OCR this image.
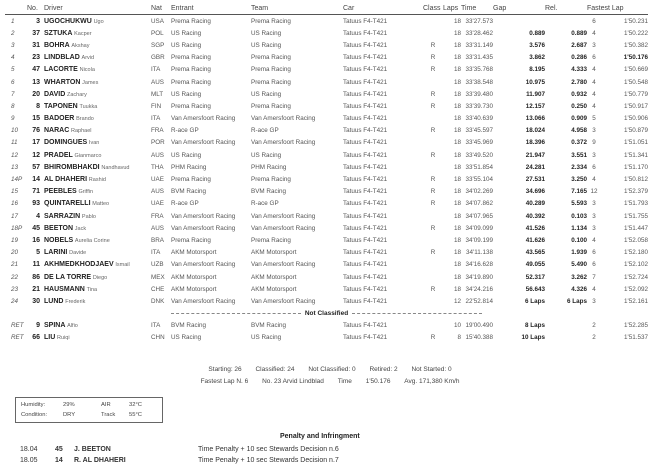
	No.	Driver	Nat	Entrant	Team	Car	Class	Laps	Time	Gap	Rel.	Fastest Lap	
1	3	UGOCHUKWU Ugo	USA	Prema Racing	Prema Racing	Tatuus F4-T421		18	33'27.573			6	1'50.231
2	37	SZTUKA Kacper	POL	US Racing	US Racing	Tatuus F4-T421		18	33'28.462	0.889	0.889	4	1'50.222
3	31	BOHRA Akshay	SGP	US Racing	US Racing	Tatuus F4-T421	R	18	33'31.149	3.576	2.687	3	1'50.382
4	23	LINDBLAD Arvid	GBR	Prema Racing	Prema Racing	Tatuus F4-T421	R	18	33'31.435	3.862	0.286	6	1'50.176
5	47	LACORTE Nicola	ITA	Prema Racing	Prema Racing	Tatuus F4-T421	R	18	33'35.768	8.195	4.333	4	1'50.669
6	13	WHARTON James	AUS	Prema Racing	Prema Racing	Tatuus F4-T421		18	33'38.548	10.975	2.780	4	1'50.548
7	20	DAVID Zachary	MLT	US Racing	US Racing	Tatuus F4-T421	R	18	33'39.480	11.907	0.932	4	1'50.779
8	8	TAPONEN Tuukka	FIN	Prema Racing	Prema Racing	Tatuus F4-T421	R	18	33'39.730	12.157	0.250	4	1'50.917
9	15	BADOER Brando	ITA	Van Amersfoort Racing	Van Amersfoort Racing	Tatuus F4-T421		18	33'40.639	13.066	0.909	5	1'50.906
10	76	NARAC Raphael	FRA	R-ace GP	R-ace GP	Tatuus F4-T421	R	18	33'45.597	18.024	4.958	3	1'50.879
11	17	DOMINGUES Ivan	POR	Van Amersfoort Racing	Van Amersfoort Racing	Tatuus F4-T421		18	33'45.969	18.396	0.372	9	1'51.051
12	12	PRADEL Gianmarco	AUS	US Racing	US Racing	Tatuus F4-T421	R	18	33'49.520	21.947	3.551	3	1'51.341
13	57	BHIROMBHAKDI Nandhavud	THA	PHM Racing	PHM Racing	Tatuus F4-T421		18	33'51.854	24.281	2.334	6	1'51.170
14P	14	AL DHAHERI Rashid	UAE	Prema Racing	Prema Racing	Tatuus F4-T421	R	18	33'55.104	27.531	3.250	4	1'50.812
15	71	PEEBLES Griffin	AUS	BVM Racing	BVM Racing	Tatuus F4-T421	R	18	34'02.269	34.696	7.165	12	1'52.379
16	93	QUINTARELLI Matteo	UAE	R-ace GP	R-ace GP	Tatuus F4-T421	R	18	34'07.862	40.289	5.593	3	1'51.793
17	4	SARRAZIN Pablo	FRA	Van Amersfoort Racing	Van Amersfoort Racing	Tatuus F4-T421		18	34'07.965	40.392	0.103	3	1'51.755
18P	45	BEETON Jack	AUS	Van Amersfoort Racing	Van Amersfoort Racing	Tatuus F4-T421	R	18	34'09.099	41.526	1.134	3	1'51.447
19	16	NOBELS Aurelia Corine	BRA	Prema Racing	Prema Racing	Tatuus F4-T421		18	34'09.199	41.626	0.100	4	1'52.058
20	5	LARINI Davide	ITA	AKM Motorsport	AKM Motorsport	Tatuus F4-T421	R	18	34'11.138	43.565	1.939	6	1'52.180
21	11	AKHMEDKHODJAEV Ismail	UZB	Van Amersfoort Racing	Van Amersfoort Racing	Tatuus F4-T421		18	34'16.628	49.055	5.490	6	1'52.102
22	86	DE LA TORRE Diego	MEX	AKM Motorsport	AKM Motorsport	Tatuus F4-T421		18	34'19.890	52.317	3.262	7	1'52.724
23	21	HAUSMANN Tina	CHE	AKM Motorsport	AKM Motorsport	Tatuus F4-T421	R	18	34'24.216	56.643	4.326	4	1'52.092
24	30	LUND Frederik	DNK	Van Amersfoort Racing	Van Amersfoort Racing	Tatuus F4-T421		12	22'52.814	6 Laps	6 Laps	3	1'52.161
Not Classified													
RET	9	SPINA Alfio	ITA	BVM Racing	BVM Racing	Tatuus F4-T421		10	19'00.490	8 Laps		2	1'52.285
RET	66	LIU Ruiqi	CHN	US Racing	US Racing	Tatuus F4-T421	R	8	15'40.388	10 Laps		2	1'51.537
Starting: 26 Classified: 24 Not Classified: 0 Retired: 2 Not Started: 0
Fastest Lap N. 6 No. 23 Arvid Lindblad Time 1'50.176 Avg. 171,380 Km/h
Humidity:	29%	AIR	32°C
Condition:	DRY	Track 55°C
Penalty and Infringment
18.04 45 J. BEETON	Time Penalty + 10 sec Stewards Decision n.6
18.05 14 R. AL DHAHERI	Time Penalty + 10 sec Stewards Decision n.7
